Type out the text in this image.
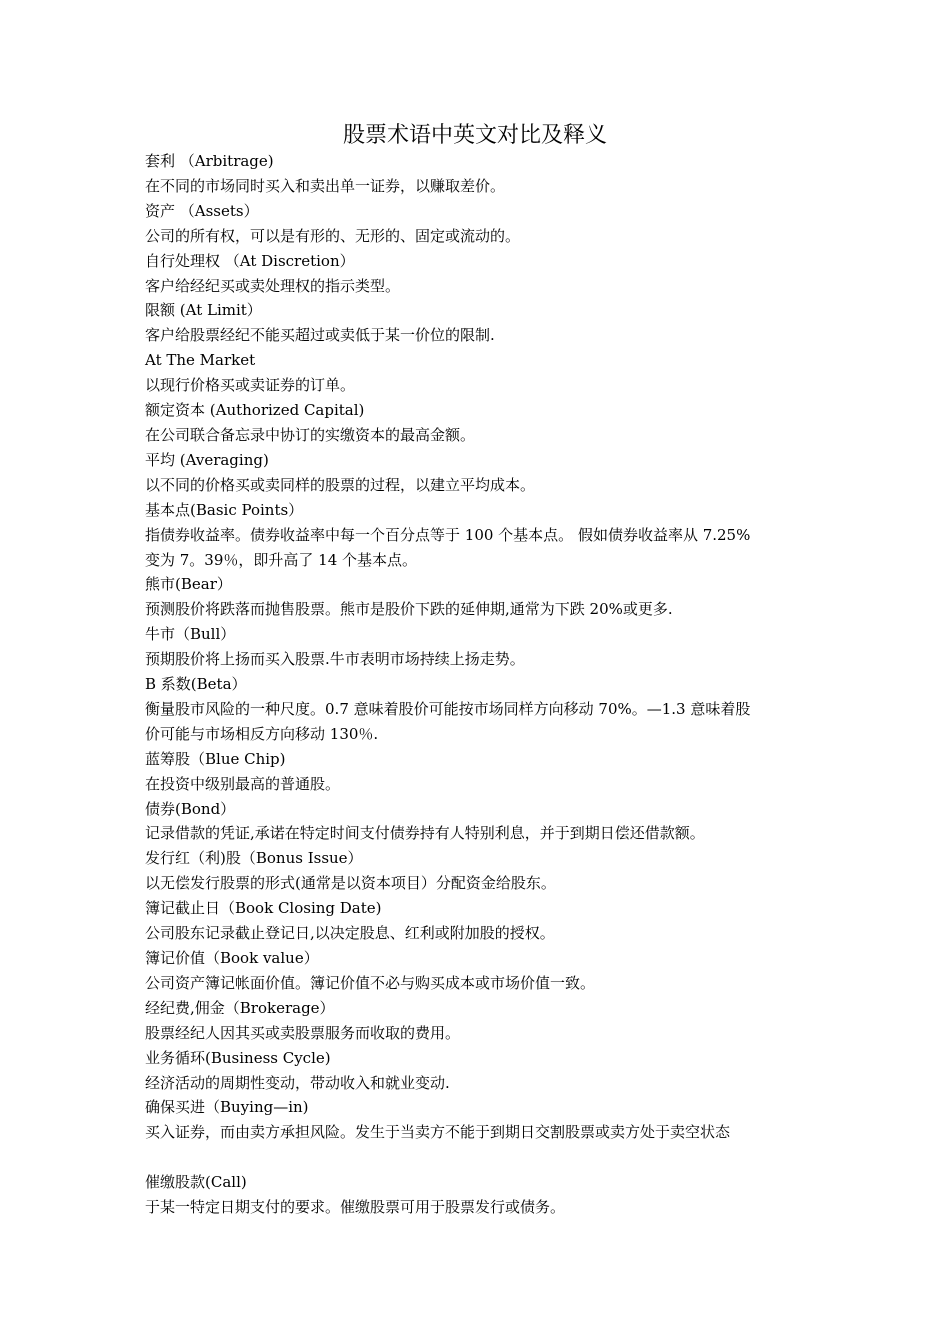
股票术语中英文对比及释义
套利 （Arbitrage)
在不同的市场同时买入和卖出单一证券，以赚取差价。
资产 （Assets）
公司的所有权，可以是有形的、无形的、固定或流动的。
自行处理权 （At Discretion）
客户给经纪买或卖处理权的指示类型。
限额 (At Limit）
客户给股票经纪不能买超过或卖低于某一价位的限制.
At The Market
以现行价格买或卖证券的订单。
额定资本 (Authorized Capital)
在公司联合备忘录中协订的实缴资本的最高金额。
平均 (Averaging)
以不同的价格买或卖同样的股票的过程，以建立平均成本。
基本点(Basic Points）
指债券收益率。债券收益率中每一个百分点等于 100 个基本点。 假如债券收益率从 7.25%
变为 7。39％，即升高了 14 个基本点。
熊市(Bear）
预测股价将跌落而抛售股票。熊市是股价下跌的延伸期,通常为下跌 20%或更多.
牛市（Bull）
预期股价将上扬而买入股票.牛市表明市场持续上扬走势。
B 系数(Beta）
衡量股市风险的一种尺度。0.7 意味着股价可能按市场同样方向移动 70%。—1.3 意味着股
价可能与市场相反方向移动 130％.
蓝筹股（Blue Chip)
在投资中级别最高的普通股。
债券(Bond）
记录借款的凭证,承诺在特定时间支付债券持有人特别利息，并于到期日偿还借款额。
发行红（利)股（Bonus Issue）
以无偿发行股票的形式(通常是以资本项目）分配资金给股东。
簿记截止日（Book Closing Date)
公司股东记录截止登记日,以决定股息、红利或附加股的授权。
簿记价值（Book value）
公司资产簿记帐面价值。簿记价值不必与购买成本或市场价值一致。
经纪费,佣金（Brokerage）
股票经纪人因其买或卖股票服务而收取的费用。
业务循环(Business Cycle)
经济活动的周期性变动，带动收入和就业变动.
确保买进（Buying—in)
买入证券，而由卖方承担风险。发生于当卖方不能于到期日交割股票或卖方处于卖空状态
催缴股款(Call)
于某一特定日期支付的要求。催缴股票可用于股票发行或债务。
